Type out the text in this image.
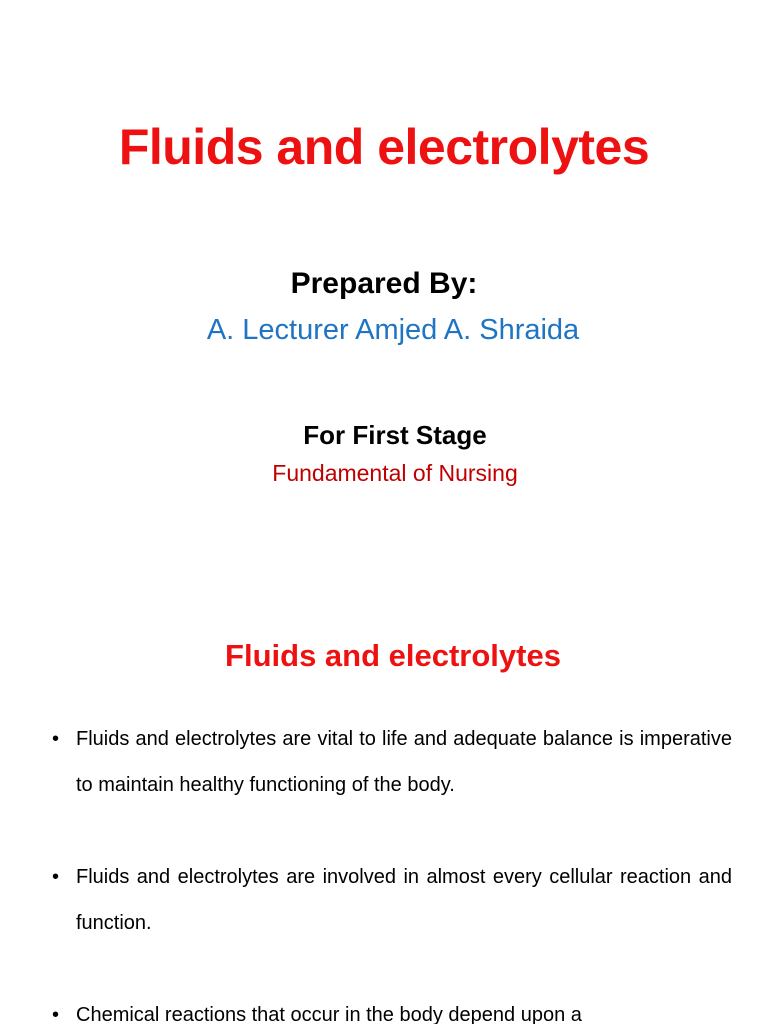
Fluids and electrolytes
Prepared By:
A. Lecturer Amjed A. Shraida
For First Stage
Fundamental of Nursing
Fluids and electrolytes
• Fluids and electrolytes are vital to life and adequate balance is imperative to maintain healthy functioning of the body.
• Fluids and electrolytes are involved in almost every cellular reaction and function.
• Chemical reactions that occur in the body depend upon a
